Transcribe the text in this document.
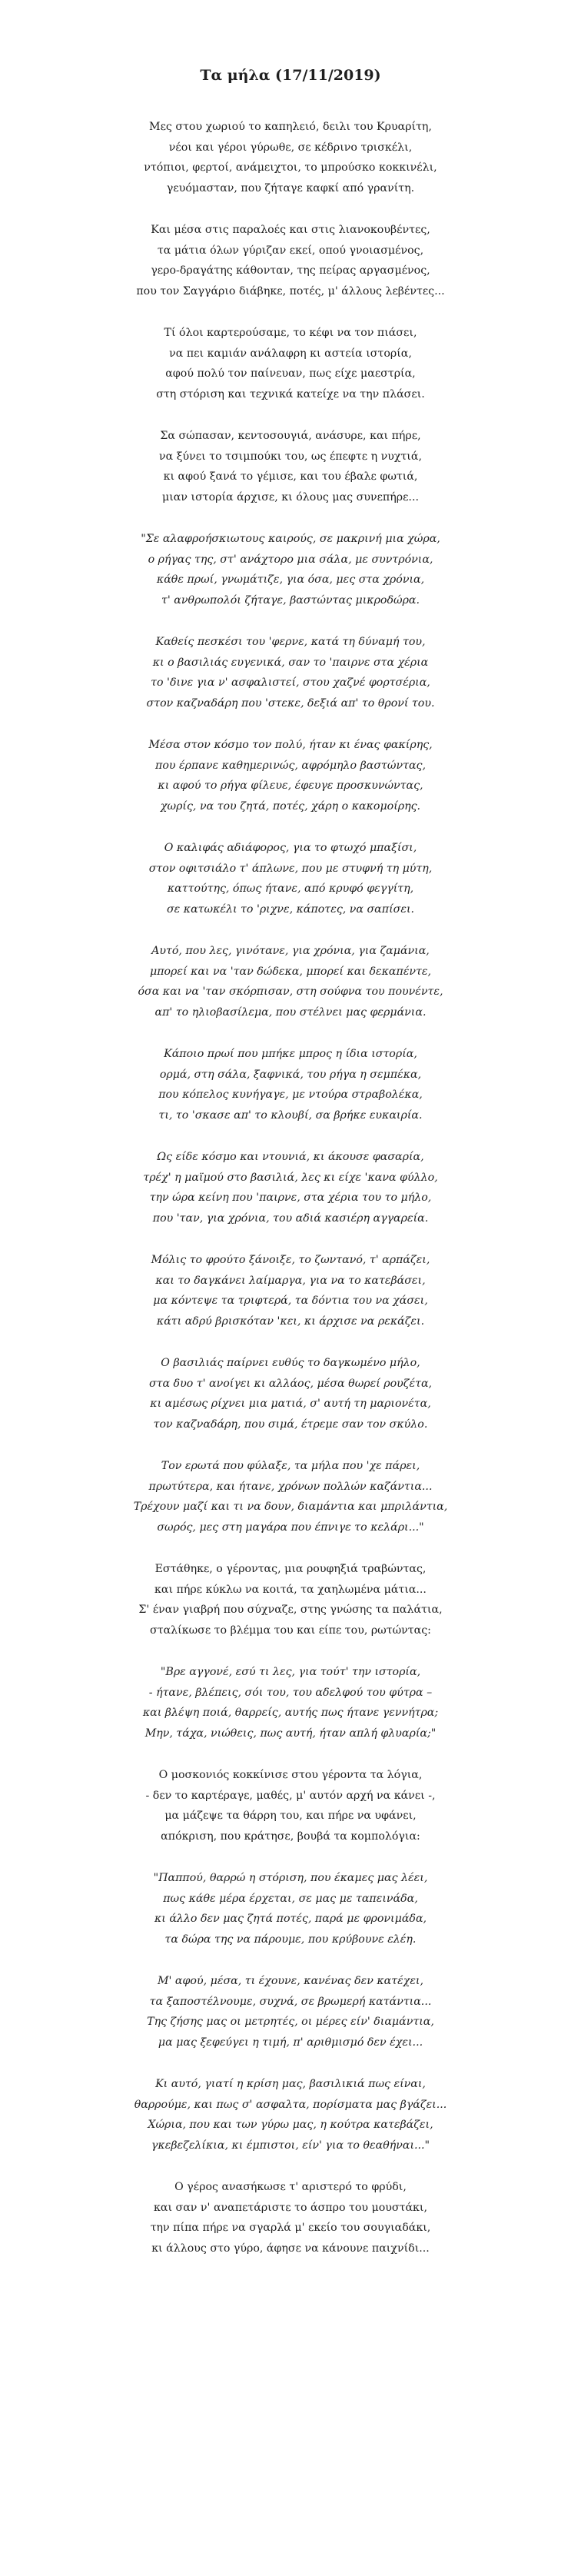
Τα μήλα (17/11/2019)
Μες στου χωριού το καπηλειό, δειλι του Κρυαρίτη,
νέοι και γέροι γύρωθε, σε κέδρινο τρισκέλι,
ντόπιοι, φερτοί, ανάμειχτοι, το μπρούσκο κοκκινέλι,
γευόμασταν, που ζήταγε καφκί από γρανίτη.
Και μέσα στις παραλοές και στις λιανοκουβέντες,
τα μάτια όλων γύριζαν εκεί, οπού γνοιασμένος,
γερο-δραγάτης κάθονταν, της πείρας αργασμένος,
που τον Σαγγάριο διάβηκε, ποτές, μ' άλλους λεβέντες...
Τί όλοι καρτερούσαμε, το κέφι να τον πιάσει,
να πει καμιάν ανάλαφρη κι αστεία ιστορία,
αφού πολύ τον παίνευαν, πως είχε μαεστρία,
στη στόριση και τεχνικά κατείχε να την πλάσει.
Σα σώπασαν, κεντοσουγιά, ανάσυρε, και πήρε,
να ξύνει το τσιμπούκι του, ως έπεφτε η νυχτιά,
κι αφού ξανά το γέμισε, και του έβαλε φωτιά,
μιαν ιστορία άρχισε, κι όλους μας συνεπήρε...
"Σε αλαφροήσκιωτους καιρούς, σε μακρινή μια χώρα,
ο ρήγας της, στ' ανάχτορο μια σάλα, με συντρόνια,
κάθε πρωί, γνωμάτιζε, για όσα, μες στα χρόνια,
τ' ανθρωπολόι ζήταγε, βαστώντας μικροδώρα.
Καθείς πεσκέσι του 'φερνε, κατά τη δύναμή του,
κι ο βασιλιάς ευγενικά, σαν το 'παιρνε στα χέρια
το 'δινε για ν' ασφαλιστεί, στου χαζνέ φορτσέρια,
στον καζναδάρη που 'στεκε, δεξιά απ' το θρονί του.
Μέσα στον κόσμο τον πολύ, ήταν κι ένας φακίρης,
που έρπανε καθημερινώς, αφρόμηλο βαστώντας,
κι αφού το ρήγα φίλευε, έφευγε προσκυνώντας,
χωρίς, να του ζητά, ποτές, χάρη ο κακομοίρης.
Ο καλιφάς αδιάφορος, για το φτωχό μπαξίσι,
στον οφιτσιάλο τ' άπλωνε, που με στυφνή τη μύτη,
καττούτης, όπως ήτανε, από κρυφό φεγγίτη,
σε κατωκέλι το 'ριχνε, κάποτες, να σαπίσει.
Αυτό, που λες, γινότανε, για χρόνια, για ζαμάνια,
μπορεί και να 'ταν δώδεκα, μπορεί και δεκαπέντε,
όσα και να 'ταν σκόρπισαν, στη σούφνα του πουνέντε,
απ' το ηλιοβασίλεμα, που στέλνει μας φερμάνια.
Κάποιο πρωί που μπήκε μπρος η ίδια ιστορία,
ορμά, στη σάλα, ξαφνικά, του ρήγα η σεμπέκα,
που κόπελος κυνήγαγε, με ντούρα στραβολέκα,
τι, το 'σκασε απ' το κλουβί, σα βρήκε ευκαιρία.
Ως είδε κόσμο και ντουνιά, κι άκουσε φασαρία,
τρέχ' η μαϊμού στο βασιλιά, λες κι είχε 'κανα φύλλο,
την ώρα κείνη που 'παιρνε, στα χέρια του το μήλο,
που 'ταν, για χρόνια, του αδιά κασιέρη αγγαρεία.
Μόλις το φρούτο ξάνοιξε, το ζωντανό, τ' αρπάζει,
και το δαγκάνει λαίμαργα, για να το κατεβάσει,
μα κόντεψε τα τριφτερά, τα δόντια του να χάσει,
κάτι αδρύ βρισκόταν 'κει, κι άρχισε να ρεκάζει.
Ο βασιλιάς παίρνει ευθύς το δαγκωμένο μήλο,
στα δυο τ' ανοίγει κι αλλάος, μέσα θωρεί ρουζέτα,
κι αμέσως ρίχνει μια ματιά, σ' αυτή τη μαριονέτα,
τον καζναδάρη, που σιμά, έτρεμε σαν τον σκύλο.
Τον ερωτά που φύλαξε, τα μήλα που 'χε πάρει,
πρωτύτερα, και ήτανε, χρόνων πολλών καζάντια...
Τρέχουν μαζί και τι να δουν, διαμάντια και μπριλάντια,
σωρός, μες στη μαγάρα που έπνιγε το κελάρι..."
Εστάθηκε, ο γέροντας, μια ρουφηξιά τραβώντας,
και πήρε κύκλω να κοιτά, τα χαηλωμένα μάτια...
Σ' έναν γιαβρή που σύχναζε, στης γνώσης τα παλάτια,
σταλίκωσε το βλέμμα του και είπε του, ρωτώντας:
"Βρε αγγονέ, εσύ τι λες, για τούτ' την ιστορία,
- ήτανε, βλέπεις, σόι του, του αδελφού του φύτρα –
και βλέψη ποιά, θαρρείς, αυτής πως ήτανε γεννήτρα;
Μην, τάχα, νιώθεις, πως αυτή, ήταν απλή φλυαρία;"
Ο μοσκονιός κοκκίνισε στου γέροντα τα λόγια,
- δεν το καρτέραγε, μαθές, μ' αυτόν αρχή να κάνει -,
μα μάζεψε τα θάρρη του, και πήρε να υφάνει,
απόκριση, που κράτησε, βουβά τα κομπολόγια:
"Παππού, θαρρώ η στόριση, που έκαμες μας λέει,
πως κάθε μέρα έρχεται, σε μας με ταπεινάδα,
κι άλλο δεν μας ζητά ποτές, παρά με φρονιμάδα,
τα δώρα της να πάρουμε, που κρύβουνε ελέη.
Μ' αφού, μέσα, τι έχουνε, κανένας δεν κατέχει,
τα ξαποστέλνουμε, συχνά, σε βρωμερή κατάντια...
Της ζήσης μας οι μετρητές, οι μέρες είν' διαμάντια,
μα μας ξεφεύγει η τιμή, π' αριθμισμό δεν έχει...
Κι αυτό, γιατί η κρίση μας, βασιλικιά πως είναι,
θαρρούμε, και πως σ' ασφαλτα, πορίσματα μας βγάζει...
Χώρια, που και των γύρω μας, η κούτρα κατεβάζει,
γκεβεζελίκια, κι έμπιστοι, είν' για το θεαθήναι..."
Ο γέρος ανασήκωσε τ' αριστερό το φρύδι,
και σαν ν' αναπετάριστε το άσπρο του μουστάκι,
την πίπα πήρε να σγαρλά μ' εκείο του σουγιαδάκι,
κι άλλους στο γύρο, άφησε να κάνουνε παιχνίδι...
